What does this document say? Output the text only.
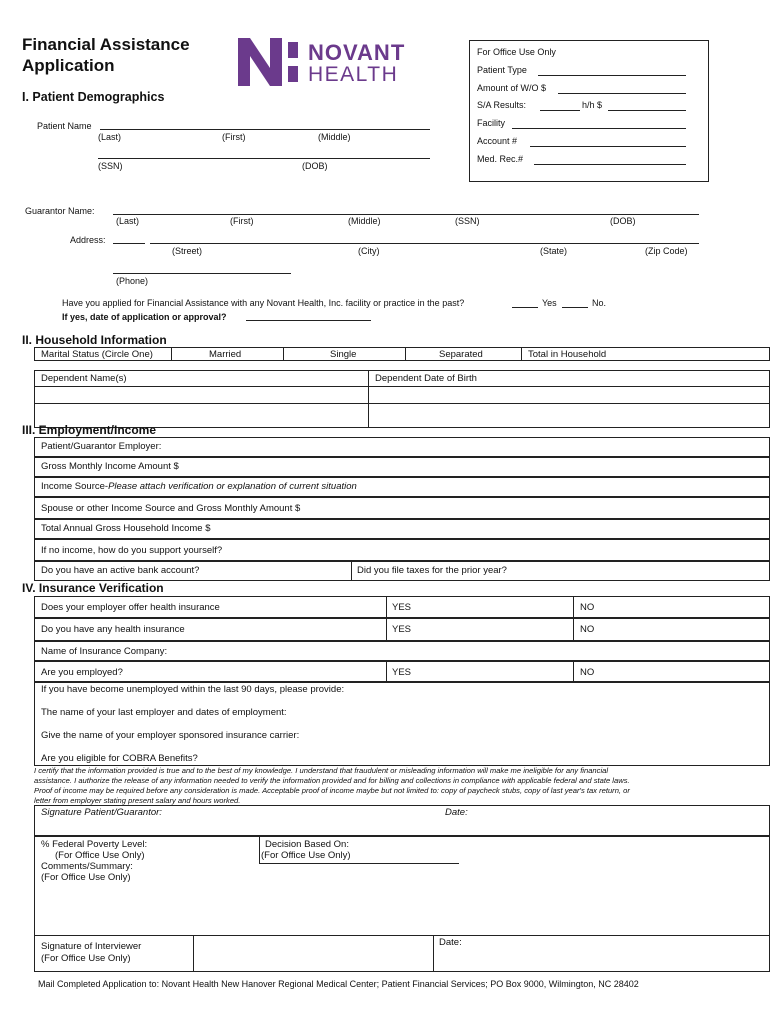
Financial Assistance
Application
NOVANT
HEALTH
For Office Use Only
Patient Type
Amount of W/O $
S/A Results:	h/h $
Facility
Account #
Med. Rec.#
I. Patient Demographics
Patient Name
(Last)	(First)	(Middle)
(SSN)	(DOB)
Guarantor Name:
(Last)	(First)	(Middle)	(SSN)	(DOB)
Address:
(Street)	(City)	(State)	(Zip Code)
(Phone)
Have you applied for Financial Assistance with any Novant Health, Inc. facility or practice in the past?	Yes	No.
If yes, date of application or approval?
II. Household Information
Marital Status (Circle One)	Married	Single	Separated	Total in Household
Dependent Name(s)	Dependent Date of Birth
III. Employment/Income
Patient/Guarantor Employer:
Gross Monthly Income Amount $
Income Source-Please attach verification or explanation of current situation
Spouse or other Income Source and Gross Monthly Amount $
Total Annual Gross Household Income $
If no income, how do you support yourself?
Do you have an active bank account?	Did you file taxes for the prior year?
IV. Insurance Verification
Does your employer offer health insurance	YES	NO
Do you have any health insurance	YES	NO
Name of Insurance Company:
Are you employed?	YES	NO
If you have become unemployed within the last 90 days, please provide:
The name of your last employer and dates of employment:
Give the name of your employer sponsored insurance carrier:
Are you eligible for COBRA Benefits?
I certify that the information provided is true and to the best of my knowledge. I understand that fraudulent or misleading information will make me ineligible for any financial
assistance. I authorize the release of any information needed to verify the information provided and for billing and collections in compliance with applicable federal and state laws.
Proof of income may be required before any consideration is made. Acceptable proof of income maybe but not limited to: copy of paycheck stubs, copy of last year's tax return, or
letter from employer stating present salary and hours worked.
Signature Patient/Guarantor:	Date:
% Federal Poverty Level:
(For Office Use Only)
Comments/Summary:
(For Office Use Only)
Decision Based On:
(For Office Use Only)
Signature of Interviewer
(For Office Use Only)
Date:
Mail Completed Application to: Novant Health New Hanover Regional Medical Center; Patient Financial Services; PO Box 9000, Wilmington, NC 28402
